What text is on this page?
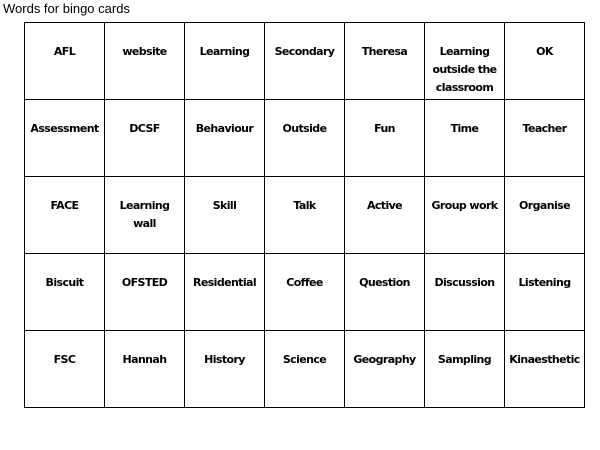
Words for bingo cards
AFL	website	Learning	Secondary	Theresa	Learning outside the classroom	OK

Assessment	DCSF	Behaviour	Outside	Fun	Time	Teacher

FACE	Learning wall	Skill	Talk	Active	Group work	Organise

Biscuit	OFSTED	Residential	Coffee	Question	Discussion	Listening

FSC	Hannah	History	Science	Geography	Sampling	Kinaesthetic
